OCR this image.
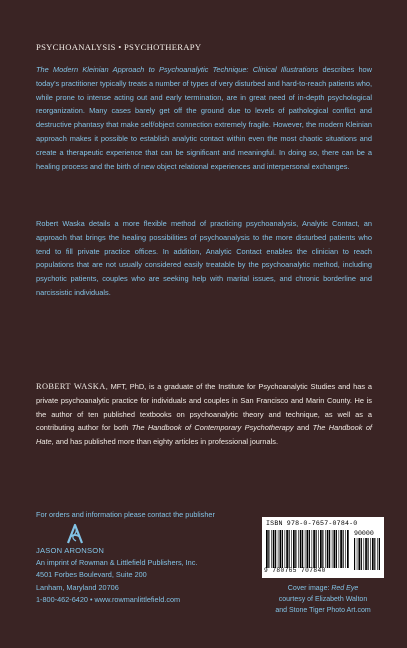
PSYCHOANALYSIS • PSYCHOTHERAPY

The Modern Kleinian Approach to Psychoanalytic Technique: Clinical Illustrations describes how today's practitioner typically treats a number of types of very disturbed and hard-to-reach patients who, while prone to intense acting out and early termination, are in great need of in-depth psychological reorganization. Many cases barely get off the ground due to levels of pathological conflict and destructive phantasy that make self/object connection extremely fragile. However, the modern Kleinian approach makes it possible to establish analytic contact within even the most chaotic situations and create a therapeutic experience that can be significant and meaningful. In doing so, there can be a healing process and the birth of new object relational experiences and interpersonal exchanges.

Robert Waska details a more flexible method of practicing psychoanalysis, Analytic Contact, an approach that brings the healing possibilities of psychoanalysis to the more disturbed patients who tend to fill private practice offices. In addition, Analytic Contact enables the clinician to reach populations that are not usually considered easily treatable by the psychoanalytic method, including psychotic patients, couples who are seeking help with marital issues, and chronic borderline and narcissistic individuals.

ROBERT WASKA, MFT, PhD, is a graduate of the Institute for Psychoanalytic Studies and has a private psychoanalytic practice for individuals and couples in San Francisco and Marin County. He is the author of ten published textbooks on psychoanalytic theory and technique, as well as a contributing author for both The Handbook of Contemporary Psychotherapy and The Handbook of Hate, and has published more than eighty articles in professional journals.

For orders and information please contact the publisher
JASON ARONSON
An imprint of Rowman & Littlefield Publishers, Inc.
4501 Forbes Boulevard, Suite 200
Lanham, Maryland 20706
1-800-462-6420 • www.rowmanlittlefield.com
ISBN 978-0-7657-0784-0
90000
9 780765 707840
Cover image: Red Eye
courtesy of Elizabeth Walton
and Stone Tiger Photo Art.com
